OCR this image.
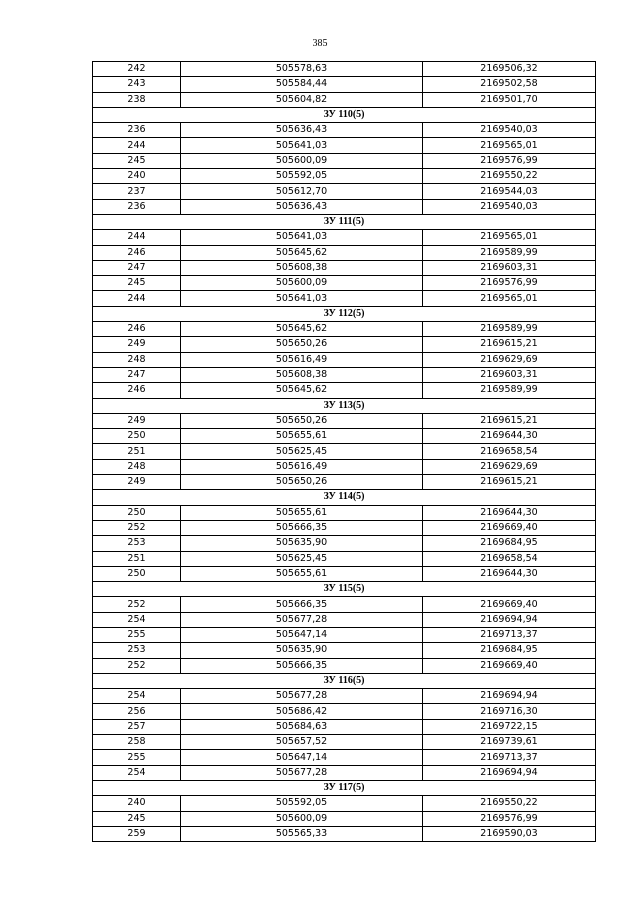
385
242	505578,63	2169506,32
243	505584,44	2169502,58
238	505604,82	2169501,70
ЗУ 110(5)		
236	505636,43	2169540,03
244	505641,03	2169565,01
245	505600,09	2169576,99
240	505592,05	2169550,22
237	505612,70	2169544,03
236	505636,43	2169540,03
ЗУ 111(5)		
244	505641,03	2169565,01
246	505645,62	2169589,99
247	505608,38	2169603,31
245	505600,09	2169576,99
244	505641,03	2169565,01
ЗУ 112(5)		
246	505645,62	2169589,99
249	505650,26	2169615,21
248	505616,49	2169629,69
247	505608,38	2169603,31
246	505645,62	2169589,99
ЗУ 113(5)		
249	505650,26	2169615,21
250	505655,61	2169644,30
251	505625,45	2169658,54
248	505616,49	2169629,69
249	505650,26	2169615,21
ЗУ 114(5)		
250	505655,61	2169644,30
252	505666,35	2169669,40
253	505635,90	2169684,95
251	505625,45	2169658,54
250	505655,61	2169644,30
ЗУ 115(5)		
252	505666,35	2169669,40
254	505677,28	2169694,94
255	505647,14	2169713,37
253	505635,90	2169684,95
252	505666,35	2169669,40
ЗУ 116(5)		
254	505677,28	2169694,94
256	505686,42	2169716,30
257	505684,63	2169722,15
258	505657,52	2169739,61
255	505647,14	2169713,37
254	505677,28	2169694,94
ЗУ 117(5)		
240	505592,05	2169550,22
245	505600,09	2169576,99
259	505565,33	2169590,03
